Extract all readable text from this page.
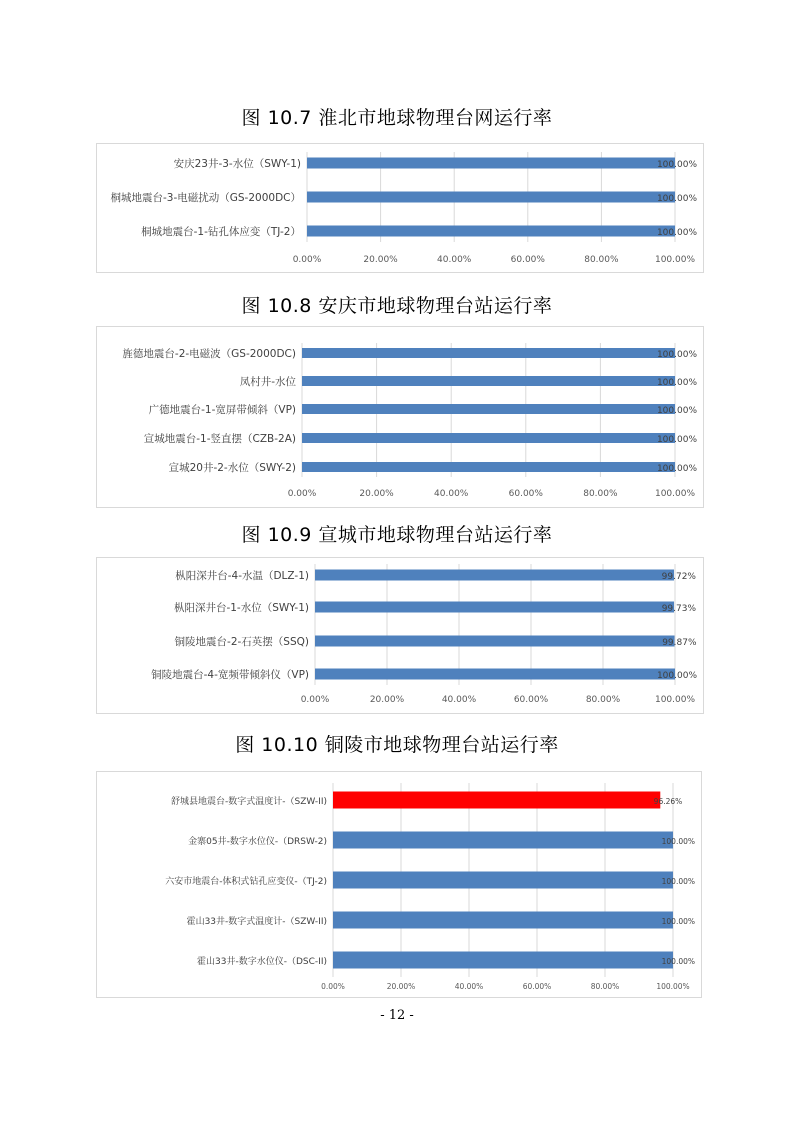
图 10.7 淮北市地球物理台网运行率
0.00%	20.00%	40.00%	60.00%	80.00%	100.00%
桐城地震台-1-钻孔体应变（TJ-2）	100.00%
桐城地震台-3-电磁扰动（GS-2000DC）	100.00%
安庆23井-3-水位（SWY-1)	100.00%
图 10.8 安庆市地球物理台站运行率
0.00%	20.00%	40.00%	60.00%	80.00%	100.00%
宣城20井-2-水位（SWY-2)	100.00%
宣城地震台-1-竖直摆（CZB-2A)	100.00%
广德地震台-1-宽屏带倾斜（VP)	100.00%
凤村井-水位	100.00%
旌德地震台-2-电磁波（GS-2000DC)	100.00%
图 10.9 宣城市地球物理台站运行率
0.00%	20.00%	40.00%	60.00%	80.00%	100.00%
铜陵地震台-4-宽频带倾斜仪（VP)	100.00%
铜陵地震台-2-石英摆（SSQ)	99.87%
枞阳深井台-1-水位（SWY-1)	99.73%
枞阳深井台-4-水温（DLZ-1)	99.72%
图 10.10 铜陵市地球物理台站运行率
0.00%	20.00%	40.00%	60.00%	80.00%	100.00%
霍山33井-数字水位仪-（DSC-II)	100.00%
霍山33井-数字式温度计-（SZW-II)	100.00%
六安市地震台-体积式钻孔应变仪-（TJ-2)	100.00%
金寨05井-数字水位仪-（DRSW-2)	100.00%
舒城县地震台-数字式温度计-（SZW-II)	96.26%
- 12 -
